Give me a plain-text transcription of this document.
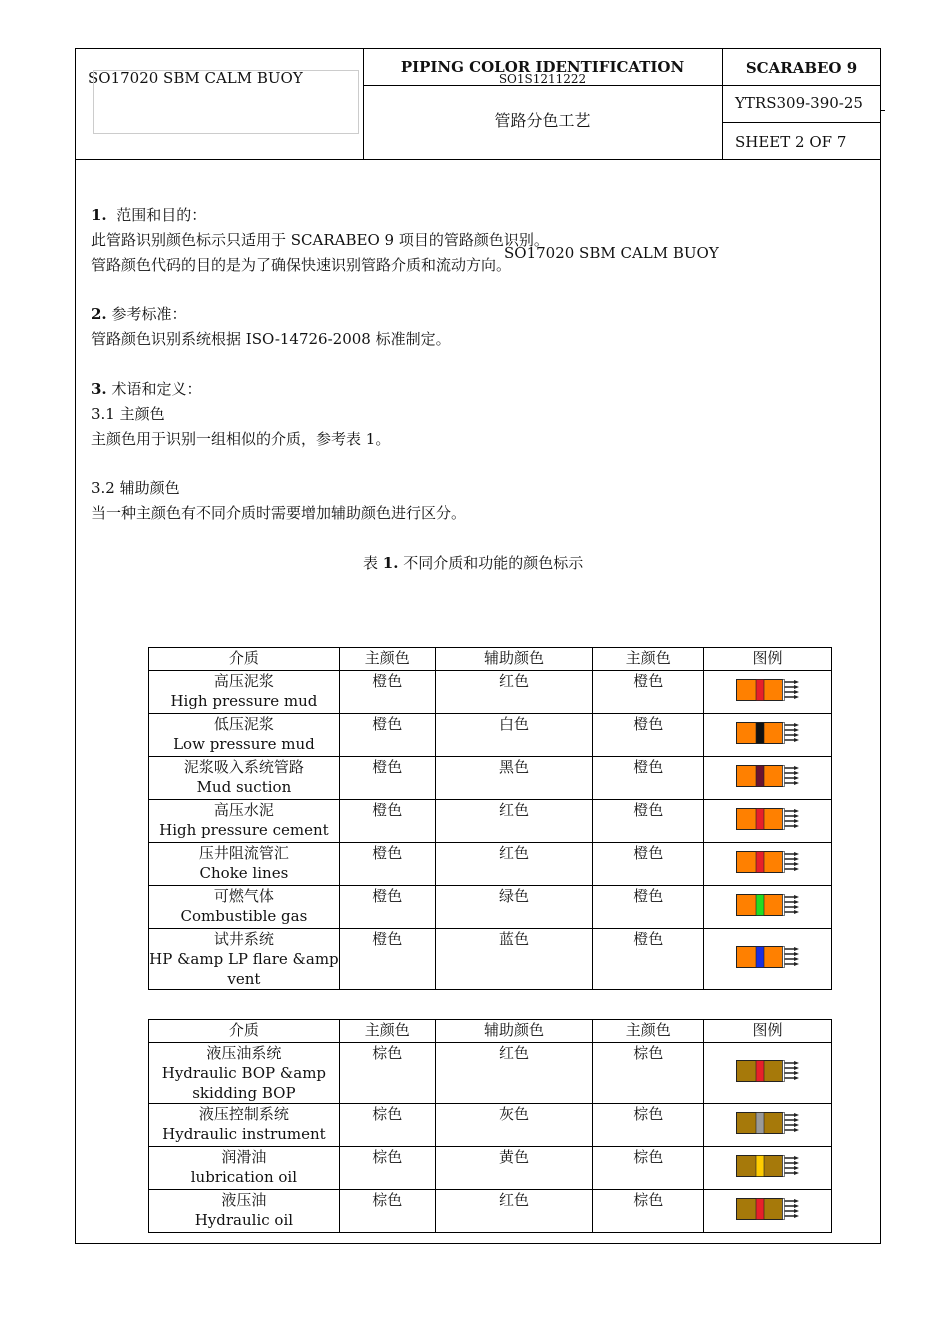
SO17020 SBM CALM BUOY
PIPING COLOR IDENTIFICATION
SO1S1211222
管路分色工艺
SCARABEO 9
YTRS309-390-25
SHEET 2 OF 7
1. 范围和目的：
此管路识别颜色标示只适用于 SCARABEO 9 项目的管路颜色识别。
管路颜色代码的目的是为了确保快速识别管路介质和流动方向。
SO17020 SBM CALM BUOY
2. 参考标准：
管路颜色识别系统根据 ISO-14726-2008 标准制定。
3. 术语和定义：
3.1 主颜色
主颜色用于识别一组相似的介质，参考表 1。
3.2 辅助颜色
当一种主颜色有不同介质时需要增加辅助颜色进行区分。
表 1. 不同介质和功能的颜色标示
介质	主颜色	辅助颜色	主颜色	图例

高压泥浆
High pressure mud	橙色	红色	橙色	

低压泥浆
Low pressure mud	橙色	白色	橙色	

泥浆吸入系统管路
Mud suction	橙色	黑色	橙色	

高压水泥
High pressure cement	橙色	红色	橙色	

压井阻流管汇
Choke lines	橙色	红色	橙色	

可燃气体
Combustible gas	橙色	绿色	橙色	

试井系统
HP &amp LP flare &amp vent	橙色	蓝色	橙色	
介质	主颜色	辅助颜色	主颜色	图例

液压油系统
Hydraulic BOP &amp
skidding BOP	棕色	红色	棕色	

液压控制系统
Hydraulic instrument	棕色	灰色	棕色	

润滑油
lubrication oil	棕色	黄色	棕色	

液压油
Hydraulic oil	棕色	红色	棕色	
